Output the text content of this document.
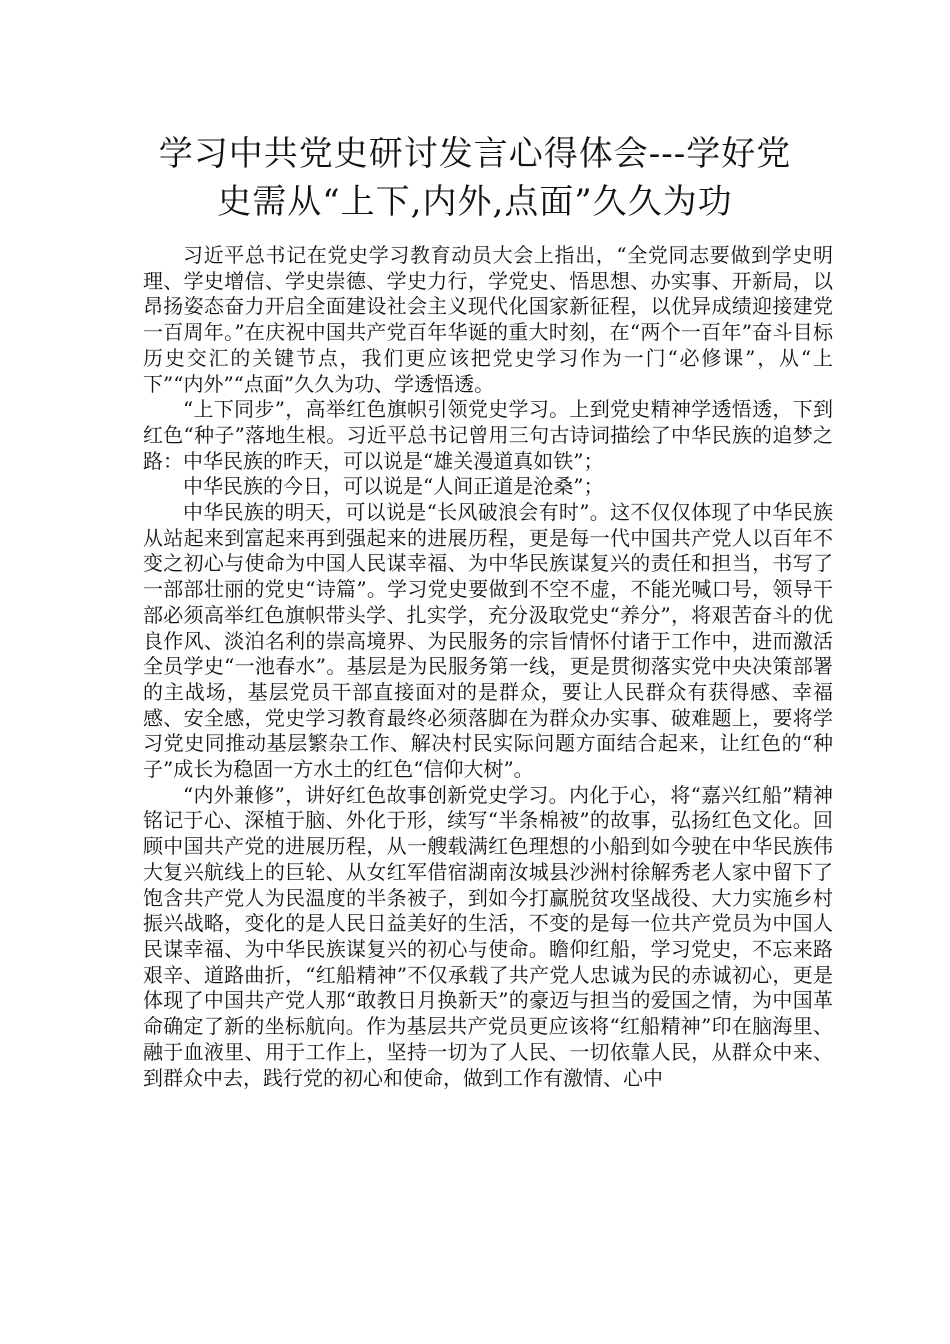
学习中共党史研讨发言心得体会---学好党
史需从“上下,内外,点面”久久为功

习近平总书记在党史学习教育动员大会上指出，“全党同志要做到学史明理、学史增信、学史崇德、学史力行，学党史、悟思想、办实事、开新局，以昂扬姿态奋力开启全面建设社会主义现代化国家新征程，以优异成绩迎接建党一百周年。”在庆祝中国共产党百年华诞的重大时刻，在“两个一百年”奋斗目标历史交汇的关键节点，我们更应该把党史学习作为一门“必修课”，从“上下”“内外”“点面”久久为功、学透悟透。

“上下同步”，高举红色旗帜引领党史学习。上到党史精神学透悟透，下到红色“种子”落地生根。习近平总书记曾用三句古诗词描绘了中华民族的追梦之路：中华民族的昨天，可以说是“雄关漫道真如铁”；

中华民族的今日，可以说是“人间正道是沧桑”；

中华民族的明天，可以说是“长风破浪会有时”。这不仅仅体现了中华民族从站起来到富起来再到强起来的进展历程，更是每一代中国共产党人以百年不变之初心与使命为中国人民谋幸福、为中华民族谋复兴的责任和担当，书写了一部部壮丽的党史“诗篇”。学习党史要做到不空不虚，不能光喊口号，领导干部必须高举红色旗帜带头学、扎实学，充分汲取党史“养分”，将艰苦奋斗的优良作风、淡泊名利的崇高境界、为民服务的宗旨情怀付诸于工作中，进而激活全员学史“一池春水”。基层是为民服务第一线，更是贯彻落实党中央决策部署的主战场，基层党员干部直接面对的是群众，要让人民群众有获得感、幸福感、安全感，党史学习教育最终必须落脚在为群众办实事、破难题上，要将学习党史同推动基层繁杂工作、解决村民实际问题方面结合起来，让红色的“种子”成长为稳固一方水土的红色“信仰大树”。

“内外兼修”，讲好红色故事创新党史学习。内化于心，将“嘉兴红船”精神铭记于心、深植于脑、外化于形，续写“半条棉被”的故事，弘扬红色文化。回顾中国共产党的进展历程，从一艘载满红色理想的小船到如今驶在中华民族伟大复兴航线上的巨轮、从女红军借宿湖南汝城县沙洲村徐解秀老人家中留下了饱含共产党人为民温度的半条被子，到如今打赢脱贫攻坚战役、大力实施乡村振兴战略，变化的是人民日益美好的生活，不变的是每一位共产党员为中国人民谋幸福、为中华民族谋复兴的初心与使命。瞻仰红船，学习党史，不忘来路艰辛、道路曲折，“红船精神”不仅承载了共产党人忠诚为民的赤诚初心，更是体现了中国共产党人那“敢教日月换新天”的豪迈与担当的爱国之情，为中国革命确定了新的坐标航向。作为基层共产党员更应该将“红船精神”印在脑海里、融于血液里、用于工作上，坚持一切为了人民、一切依靠人民，从群众中来、到群众中去，践行党的初心和使命，做到工作有激情、心中
